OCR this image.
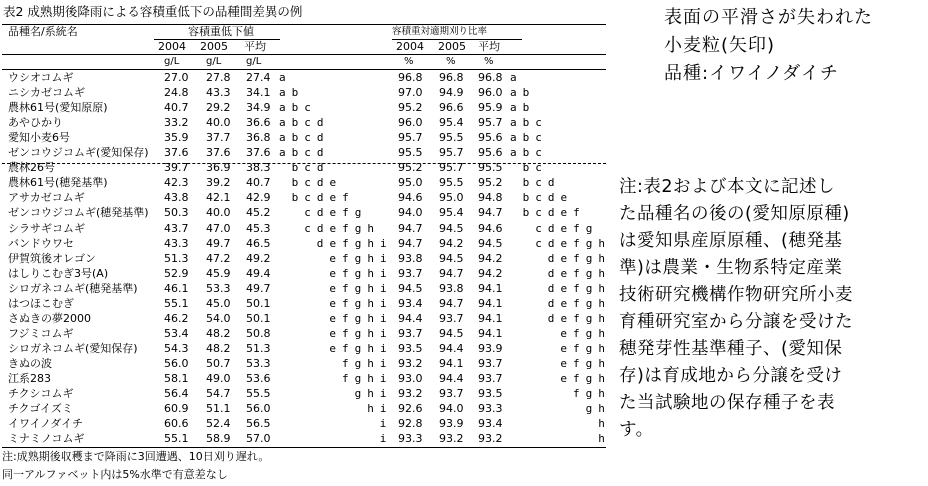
表2 成熟期後降雨による容積重低下の品種間差異の例
品種名/系統名	容積重低下値	容積重対適期刈り比率
2004 2005 平均	2004 2005 平均
g/L	g/L g/L	%	%	%
ウシオコムギ	27.0 27.8 27.4 a	96.8 96.8 96.8 a
ニシカゼコムギ	24.8 43.3 34.1 a b	97.0 94.9 96.0 a b
農林61号(愛知原原)	40.7 29.2 34.9 a b c	95.2 96.6 95.9 a b
あやひかり	33.2 40.0 36.6 a b c d	96.0 95.4 95.7 a b c
愛知小麦6号	35.9 37.7 36.8 a b c d	95.7 95.5 95.6 a b c
ゼンコウジコムギ(愛知保存) 37.6 37.6 37.6 a b c d	95.5 95.7 95.6 a b c
農林26号	39.7 36.9 38.3 b c d	95.2 95.7 95.5 b c
農林61号(穂発基準)	42.3 39.2 40.7 b c d e	95.0 95.5 95.2 b c d
アサカゼコムギ	43.8 42.1 42.9 b c d e f	94.6 95.0 94.8 b c d e
ゼンコウジコムギ(穂発基準) 50.3 40.0 45.2	c d e f g	94.0 95.4 94.7 b c d e f
シラサギコムギ	43.7 47.0 45.3	c d e f g h 94.7 94.5 94.6	c d e f g
バンドウワセ	43.3 49.7 46.5	d e f g h i 94.7 94.2 94.5	c d e f g h
伊賀筑後オレゴン	51.3 47.2 49.2	e f g h i 93.8 94.5 94.2	d e f g h
はしりこむぎ3号(A)	52.9 45.9 49.4	e f g h i 93.7 94.7 94.2	d e f g h
シロガネコムギ(穂発基準) 46.1 53.3 49.7	e f g h i 94.5 93.8 94.1	d e f g h
はつほこむぎ	55.1 45.0 50.1	e f g h i 93.4 94.7 94.1	d e f g h
さぬきの夢2000	46.2 54.0 50.1	e f g h i 94.4 93.7 94.1	d e f g h
フジミコムギ	53.4 48.2 50.8	e f g h i 93.7 94.5 94.1	e f g h
シロガネコムギ(愛知保存) 54.3 48.2 51.3	e f g h i 93.5 94.4 93.9	e f g h
きぬの波	56.0 50.7 53.3	f g h i 93.2 94.1 93.7	e f g h
江系283	58.1 49.0 53.6	f g h i 93.0 94.4 93.7	e f g h
チクシコムギ	56.4 54.7 55.5	g h i 93.2 93.7 93.5	f g h
チクゴイズミ	60.9 51.1 56.0	h i 92.6 94.0 93.3	g h
イワイノダイチ	60.6 52.4 56.5	i 92.8 93.9 93.4	h
ミナミノコムギ	55.1 58.9 57.0	i 93.3 93.2 93.2	h
注:成熟期後収穫まで降雨に3回遭遇、10日刈り遅れ。
同一アルファベット内は5%水準で有意差なし
表面の平滑さが失われた
小麦粒(矢印)
品種:イワイノダイチ
注:表2および本文に記述し
た品種名の後の(愛知原原種)
は愛知県産原原種、(穂発基
準)は農業・生物系特定産業
技術研究機構作物研究所小麦
育種研究室から分譲を受けた
穂発芽性基準種子、(愛知保
存)は育成地から分譲を受け
た当試験地の保存種子を表
す。
